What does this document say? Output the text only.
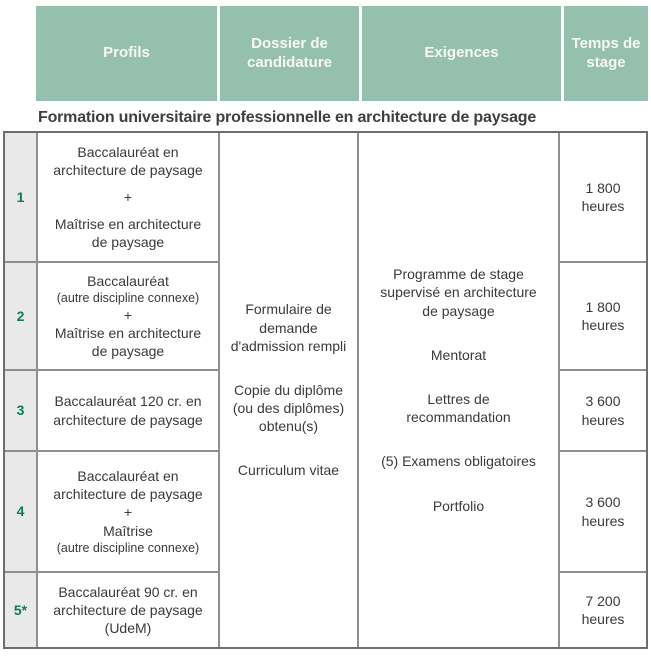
Profils
Dossier de candidature
Exigences
Temps de stage
Formation universitaire professionnelle en architecture de paysage
1
Baccalauréat en architecture de paysage
+
Maîtrise en architecture de paysage
1 800
heures
2
Baccalauréat
(autre discipline connexe)
+
Maîtrise en architecture de paysage
1 800
heures
3
Baccalauréat 120 cr. en architecture de paysage
3 600
heures
4
Baccalauréat en architecture de paysage
+
Maîtrise
(autre discipline connexe)
3 600
heures
5*
Baccalauréat 90 cr. en architecture de paysage (UdeM)
7 200
heures
Formulaire de demande d'admission rempli
Copie du diplôme (ou des diplômes) obtenu(s)
Curriculum vitae
Programme de stage supervisé en architecture de paysage
Mentorat
Lettres de recommandation
(5) Examens obligatoires
Portfolio
